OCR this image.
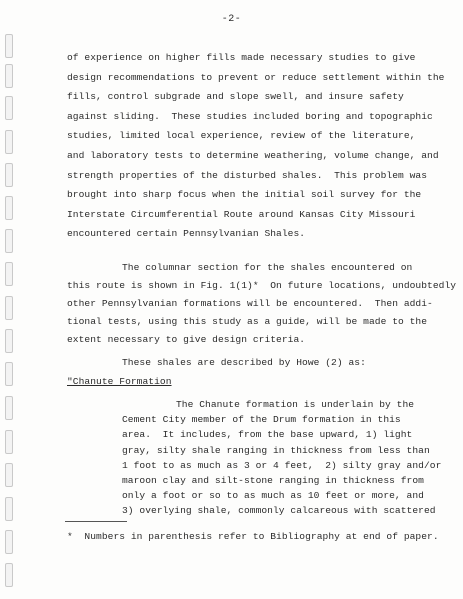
-2-
of experience on higher fills made necessary studies to give
design recommendations to prevent or reduce settlement within the
fills, control subgrade and slope swell, and insure safety
against sliding.  These studies included boring and topographic
studies, limited local experience, review of the literature,
and laboratory tests to determine weathering, volume change, and
strength properties of the disturbed shales.  This problem was
brought into sharp focus when the initial soil survey for the
Interstate Circumferential Route around Kansas City Missouri
encountered certain Pennsylvanian Shales.
The columnar section for the shales encountered on
this route is shown in Fig. 1(1)*  On future locations, undoubtedly
other Pennsylvanian formations will be encountered.  Then addi-
tional tests, using this study as a guide, will be made to the
extent necessary to give design criteria.
These shales are described by Howe (2) as:
"Chanute Formation
The Chanute formation is underlain by the
Cement City member of the Drum formation in this
area.  It includes, from the base upward, 1) light
gray, silty shale ranging in thickness from less than
1 foot to as much as 3 or 4 feet,  2) silty gray and/or
maroon clay and silt-stone ranging in thickness from
only a foot or so to as much as 10 feet or more, and
3) overlying shale, commonly calcareous with scattered
*  Numbers in parenthesis refer to Bibliography at end of paper.
